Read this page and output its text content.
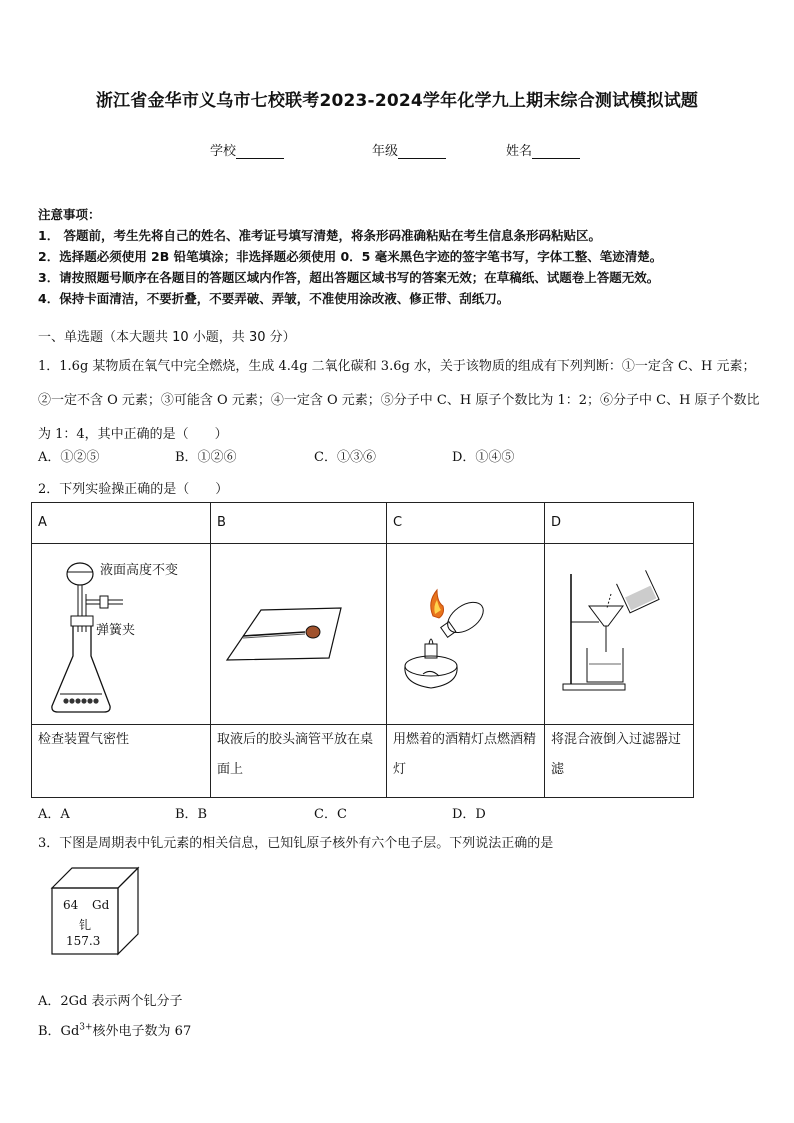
浙江省金华市义乌市七校联考2023-2024学年化学九上期末综合测试模拟试题
学校	年级	姓名
注意事项：
1． 答题前，考生先将自己的姓名、准考证号填写清楚，将条形码准确粘贴在考生信息条形码粘贴区。
2．选择题必须使用 2B 铅笔填涂；非选择题必须使用 0．5 毫米黑色字迹的签字笔书写，字体工整、笔迹清楚。
3．请按照题号顺序在各题目的答题区域内作答，超出答题区域书写的答案无效；在草稿纸、试题卷上答题无效。
4．保持卡面清洁，不要折叠，不要弄破、弄皱，不准使用涂改液、修正带、刮纸刀。
一、单选题（本大题共 10 小题，共 30 分）
1．1.6g 某物质在氧气中完全燃烧，生成 4.4g 二氧化碳和 3.6g 水，关于该物质的组成有下列判断：①一定含 C、H 元素；②一定不含 O 元素；③可能含 O 元素；④一定含 O 元素；⑤分子中 C、H 原子个数比为 1：2；⑥分子中 C、H 原子个数比为 1：4，其中正确的是（　　）
A．①②⑤	B．①②⑥	C．①③⑥	D．①④⑤
2．下列实验操正确的是（　　）
A	B	C	D

液面高度不变
弹簧夹

检查装置气密性	取液后的胶头滴管平放在桌面上	用燃着的酒精灯点燃酒精灯	将混合液倒入过滤器过滤
A．A	B．B	C．C	D．D
3．下图是周期表中钆元素的相关信息，已知钆原子核外有六个电子层。下列说法正确的是
64 Gd
钆
157.3
A．2Gd 表示两个钆分子
B．$Gd^{3+}$核外电子数为 67
